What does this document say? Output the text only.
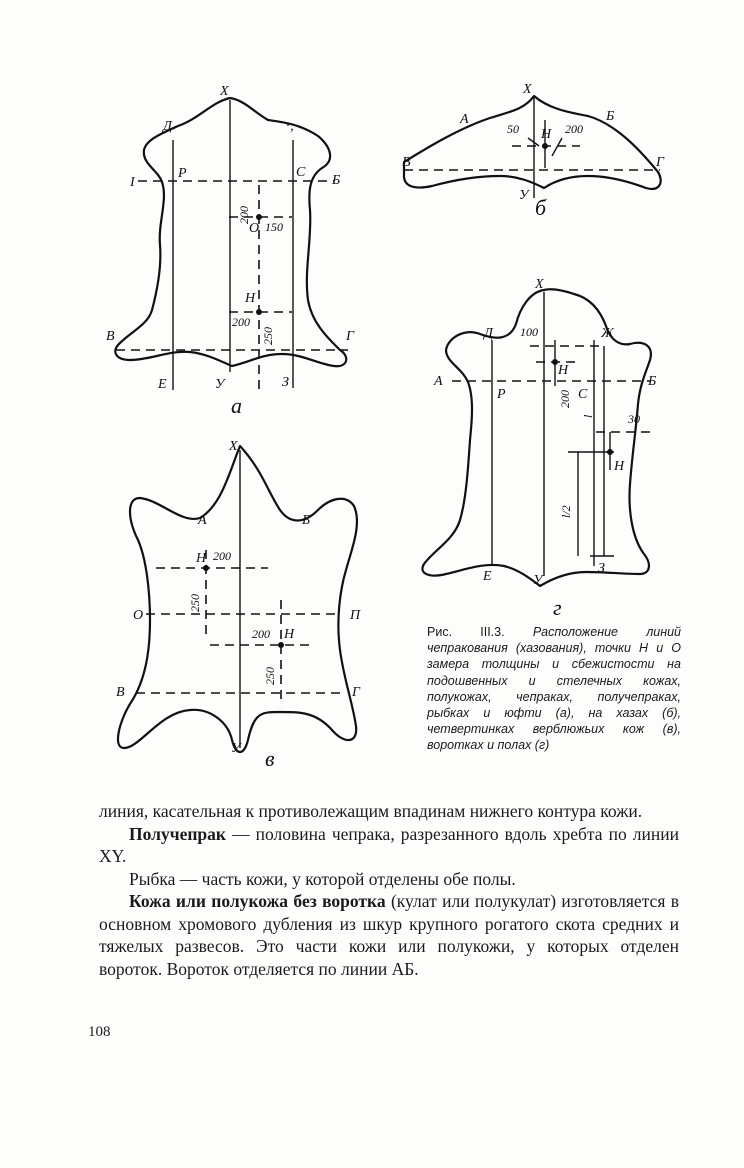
Х
Д	·‚
Р	С
Б
I
200
О 150
Н
200
250
В	Г
Е	У	З
а
Х
А	Б
50 Н 200
В	Г
У б
Х
А	Б
Н 200
250
О	П
200 Н
250
В	Г
У в
Х
Д 100	Ж
А	Б
Р
Н
200 С
l	30
Н
l/2
Е	У
З
г
Рис. III.3. Расположение линий чепракования (хазования), точки Н и О замера толщины и сбежистости на подошвенных и стелечных кожах, полукожах, чепраках, получепраках, рыбках и юфти (а), на хазах (б), четвертинках верблюжьих кож (в), воротках и полах (г)

линия, касательная к противолежащим впадинам нижнего контура кожи.

Получепрак — половина чепрака, разрезанного вдоль хребта по линии XY.

Рыбка — часть кожи, у которой отделены обе полы.

Кожа или полукожа без воротка (кулат или полукулат) изготовляется в основном хромового дубления из шкур крупного рогатого скота средних и тяжелых развесов. Это части кожи или полукожи, у которых отделен вороток. Вороток отделяется по линии АБ.

108
